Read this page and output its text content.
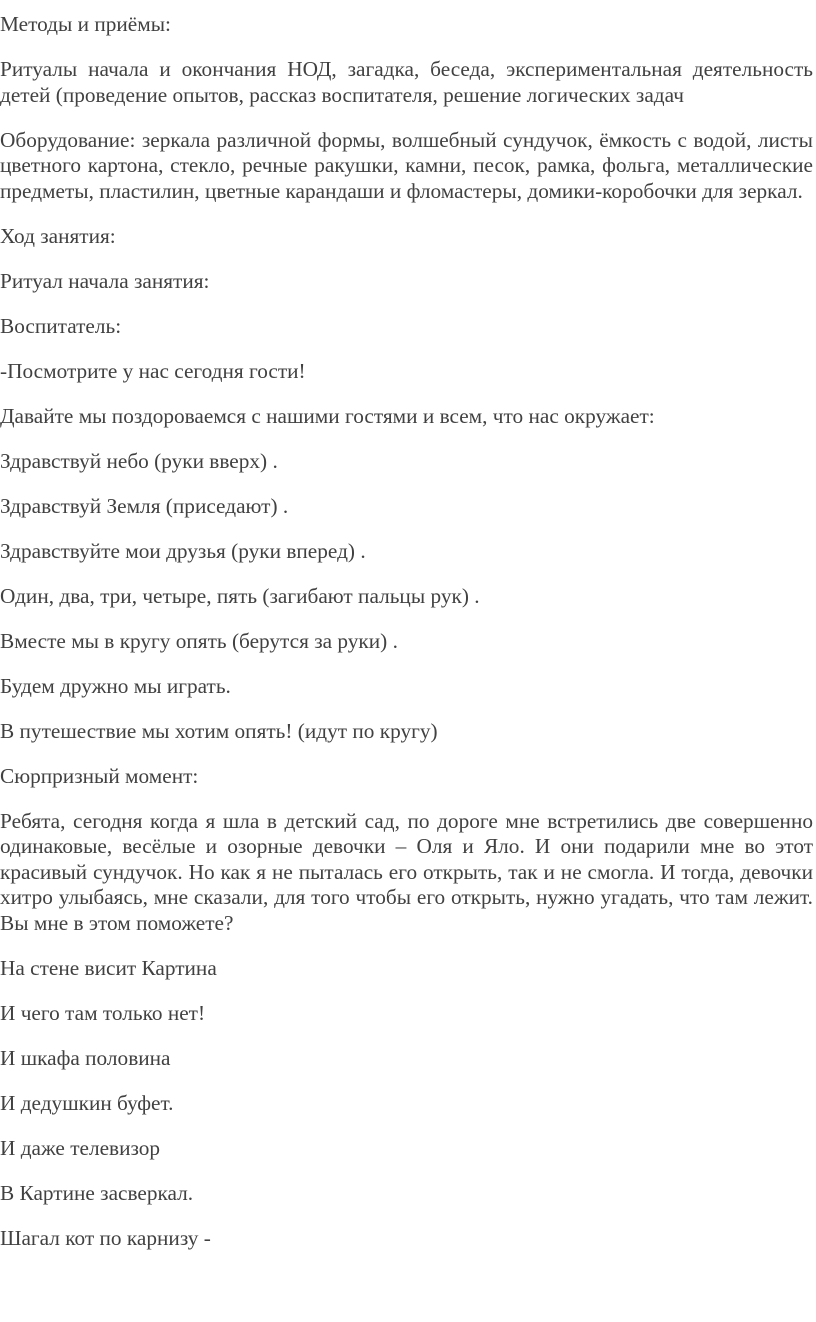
Методы и приёмы:

Ритуалы начала и окончания НОД, загадка, беседа, экспериментальная деятельность детей (проведение опытов, рассказ воспитателя, решение логических задач

Оборудование: зеркала различной формы, волшебный сундучок, ёмкость с водой, листы цветного картона, стекло, речные ракушки, камни, песок, рамка, фольга, металлические предметы, пластилин, цветные карандаши и фломастеры, домики-коробочки для зеркал.

Ход занятия:

Ритуал начала занятия:

Воспитатель:

-Посмотрите у нас сегодня гости!

Давайте мы поздороваемся с нашими гостями и всем, что нас окружает:

Здравствуй небо (руки вверх) .

Здравствуй Земля (приседают) .

Здравствуйте мои друзья (руки вперед) .

Один, два, три, четыре, пять (загибают пальцы рук) .

Вместе мы в кругу опять (берутся за руки) .

Будем дружно мы играть.

В путешествие мы хотим опять! (идут по кругу)

Сюрпризный момент:

Ребята, сегодня когда я шла в детский сад, по дороге мне встретились две совершенно одинаковые, весёлые и озорные девочки – Оля и Яло. И они подарили мне во этот красивый сундучок. Но как я не пыталась его открыть, так и не смогла. И тогда, девочки хитро улыбаясь, мне сказали, для того чтобы его открыть, нужно угадать, что там лежит. Вы мне в этом поможете?

На стене висит Картина

И чего там только нет!

И шкафа половина

И дедушкин буфет.

И даже телевизор

В Картине засверкал.

Шагал кот по карнизу -
